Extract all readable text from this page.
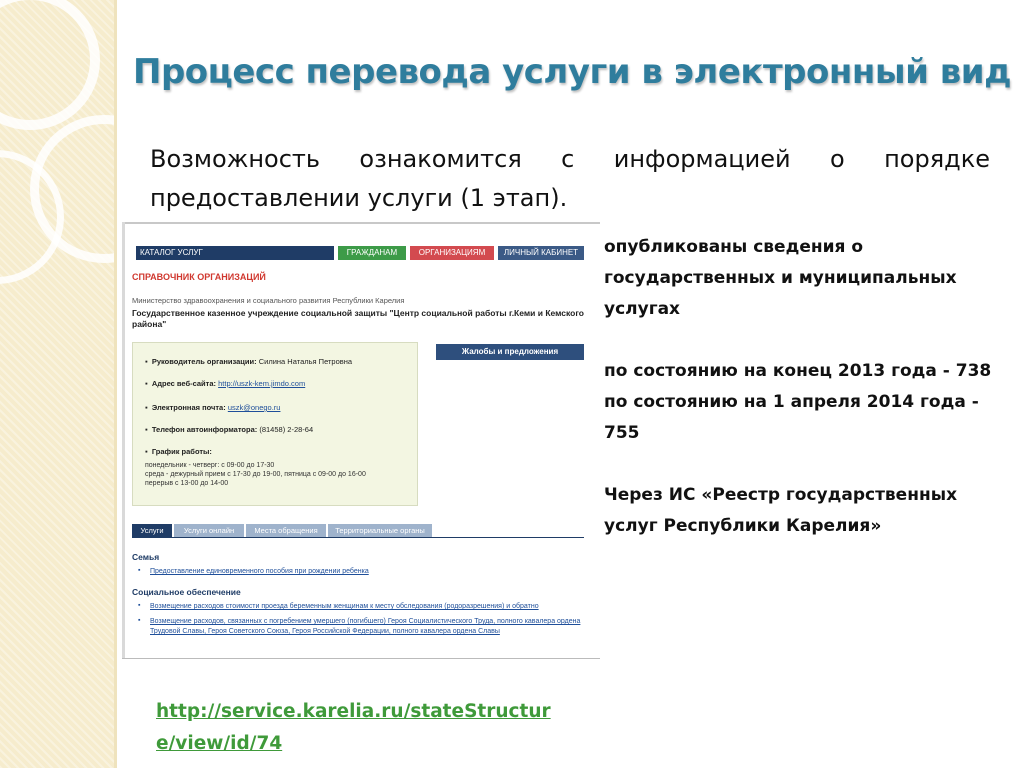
Процесс перевода услуги в электронный вид
Возможность ознакомится с информацией о порядке предоставлении услуги (1 этап).
КАТАЛОГ УСЛУГ	ГРАЖДАНАМ	ОРГАНИЗАЦИЯМ	ЛИЧНЫЙ КАБИНЕТ
СПРАВОЧНИК ОРГАНИЗАЦИЙ
Министерство здравоохранения и социального развития Республики Карелия
Государственное казенное учреждение социальной защиты "Центр социальной работы г.Кеми и Кемского района"
▪  Руководитель организации: Силина Наталья Петровна
▪  Адрес веб-сайта: http://uszk-kem.jimdo.com
▪  Электронная почта: uszk@onego.ru
▪  Телефон автоинформатора: (81458) 2-28-64
▪  График работы:
понедельник - четверг: с 09-00 до 17-30
среда - дежурный прием с 17-30 до 19-00, пятница с 09-00 до 16-00
перерыв с 13-00 до 14-00
Жалобы и предложения
Услуги	Услуги онлайн	Места обращения	Территориальные органы
Семья
▪ Предоставление единовременного пособия при рождении ребенка
Социальное обеспечение
▪ Возмещение расходов стоимости проезда беременным женщинам к месту обследования (родоразрешения) и обратно
▪ Возмещение расходов, связанных с погребением умершего (погибшего) Героя Социалистического Труда, полного кавалера ордена Трудовой Славы, Героя Советского Союза, Героя Российской Федерации, полного кавалера ордена Славы

опубликованы сведения о государственных и муниципальных услугах

по состоянию на конец 2013 года - 738

по состоянию на 1 апреля 2014 года - 755

Через ИС «Реестр государственных услуг Республики Карелия»

http://service.karelia.ru/stateStructure/view/id/74
